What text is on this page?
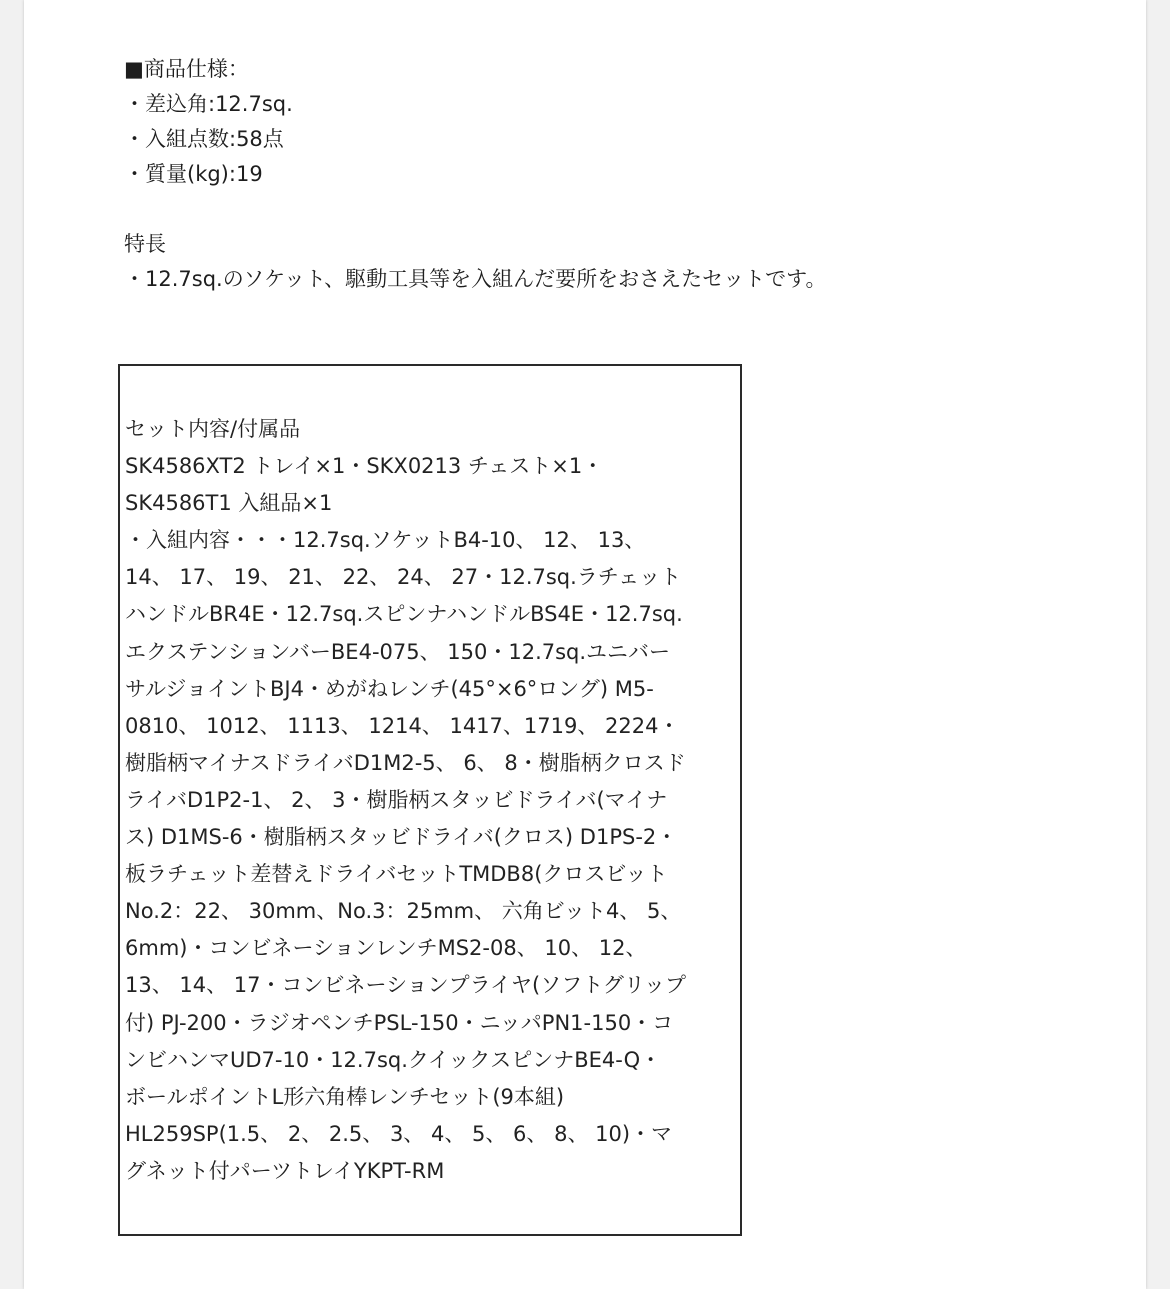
■商品仕様：
・差込角:12.7sq.
・入組点数:58点
・質量(kg):19
特長
・12.7sq.のソケット、駆動工具等を入組んだ要所をおさえたセットです。
セット内容/付属品
SK4586XT2 トレイ×1・SKX0213 チェスト×1・
SK4586T1 入組品×1
・入組内容・・・12.7sq.ソケットB4-10、 12、 13、
14、 17、 19、 21、 22、 24、 27・12.7sq.ラチェット
ハンドルBR4E・12.7sq.スピンナハンドルBS4E・12.7sq.
エクステンションバーBE4-075、 150・12.7sq.ユニバー
サルジョイントBJ4・めがねレンチ(45°×6°ロング) M5-
0810、 1012、 1113、 1214、 1417、1719、 2224・
樹脂柄マイナスドライバD1M2-5、 6、 8・樹脂柄クロスド
ライバD1P2-1、 2、 3・樹脂柄スタッビドライバ(マイナ
ス) D1MS-6・樹脂柄スタッビドライバ(クロス) D1PS-2・
板ラチェット差替えドライバセットTMDB8(クロスビット
No.2：22、 30mm、No.3：25mm、 六角ビット4、 5、
6mm)・コンビネーションレンチMS2-08、 10、 12、
13、 14、 17・コンビネーションプライヤ(ソフトグリップ
付) PJ-200・ラジオペンチPSL-150・ニッパPN1-150・コ
ンビハンマUD7-10・12.7sq.クイックスピンナBE4-Q・
ボールポイントL形六角棒レンチセット(9本組)
HL259SP(1.5、 2、 2.5、 3、 4、 5、 6、 8、 10)・マ
グネット付パーツトレイYKPT-RM
